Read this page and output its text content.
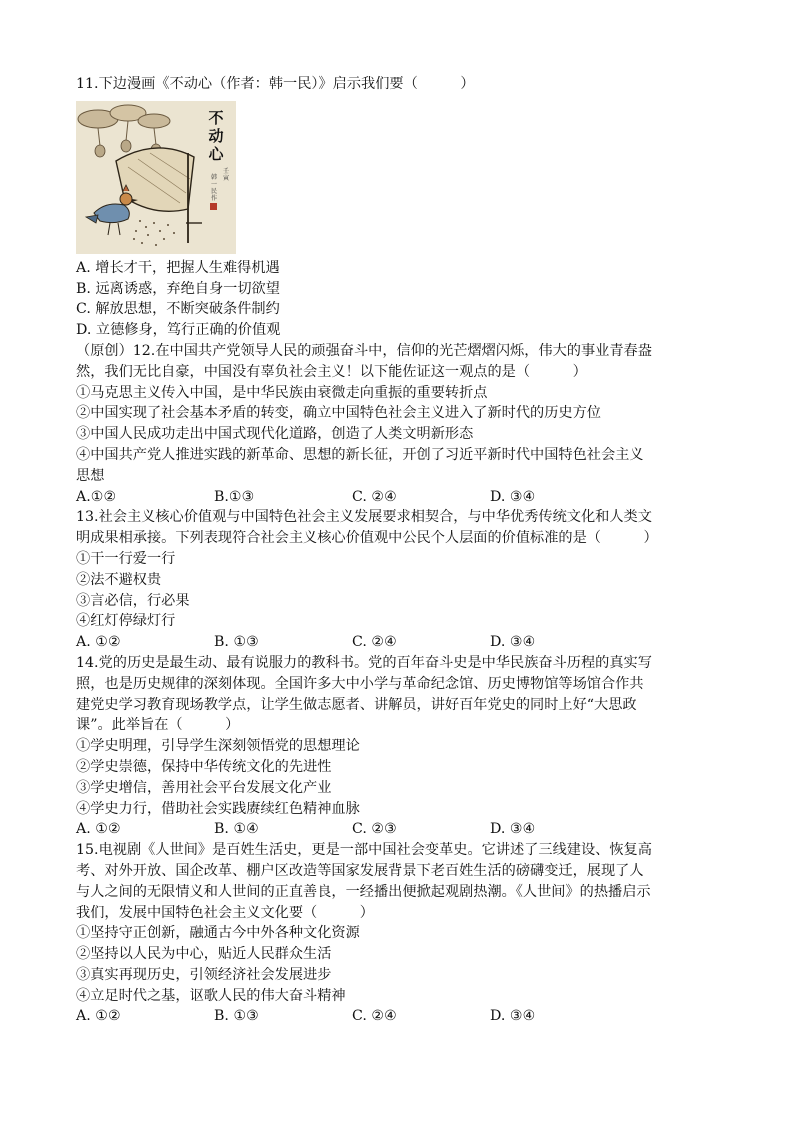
11.下边漫画《不动心（作者：韩一民）》启示我们要（　　　）
不
动
心
壬
寅
韩
一
民
作
A. 增长才干，把握人生难得机遇
B. 远离诱惑，弃绝自身一切欲望
C. 解放思想，不断突破条件制约
D. 立德修身，笃行正确的价值观
（原创）12.在中国共产党领导人民的顽强奋斗中，信仰的光芒熠熠闪烁，伟大的事业青春盎
然，我们无比自豪，中国没有辜负社会主义！以下能佐证这一观点的是（　　　）
①马克思主义传入中国，是中华民族由衰微走向重振的重要转折点
②中国实现了社会基本矛盾的转变，确立中国特色社会主义进入了新时代的历史方位
③中国人民成功走出中国式现代化道路，创造了人类文明新形态
④中国共产党人推进实践的新革命、思想的新长征，开创了习近平新时代中国特色社会主义
思想
A.①②	B.①③	C. ②④	D. ③④
13.社会主义核心价值观与中国特色社会主义发展要求相契合，与中华优秀传统文化和人类文
明成果相承接。下列表现符合社会主义核心价值观中公民个人层面的价值标准的是（　　　）
①干一行爱一行
②法不避权贵
③言必信，行必果
④红灯停绿灯行
A. ①②	B. ①③	C. ②④	D. ③④
14.党的历史是最生动、最有说服力的教科书。党的百年奋斗史是中华民族奋斗历程的真实写
照，也是历史规律的深刻体现。全国许多大中小学与革命纪念馆、历史博物馆等场馆合作共
建党史学习教育现场教学点，让学生做志愿者、讲解员，讲好百年党史的同时上好“大思政
课”。此举旨在（　　　）
①学史明理，引导学生深刻领悟党的思想理论
②学史崇德，保持中华传统文化的先进性
③学史增信，善用社会平台发展文化产业
④学史力行，借助社会实践赓续红色精神血脉
A. ①②	B. ①④	C. ②③	D. ③④
15.电视剧《人世间》是百姓生活史，更是一部中国社会变革史。它讲述了三线建设、恢复高
考、对外开放、国企改革、棚户区改造等国家发展背景下老百姓生活的磅礴变迁，展现了人
与人之间的无限情义和人世间的正直善良，一经播出便掀起观剧热潮。《人世间》的热播启示
我们，发展中国特色社会主义文化要（　　　）
①坚持守正创新，融通古今中外各种文化资源
②坚持以人民为中心，贴近人民群众生活
③真实再现历史，引领经济社会发展进步
④立足时代之基，讴歌人民的伟大奋斗精神
A. ①②	B. ①③	C. ②④	D. ③④
